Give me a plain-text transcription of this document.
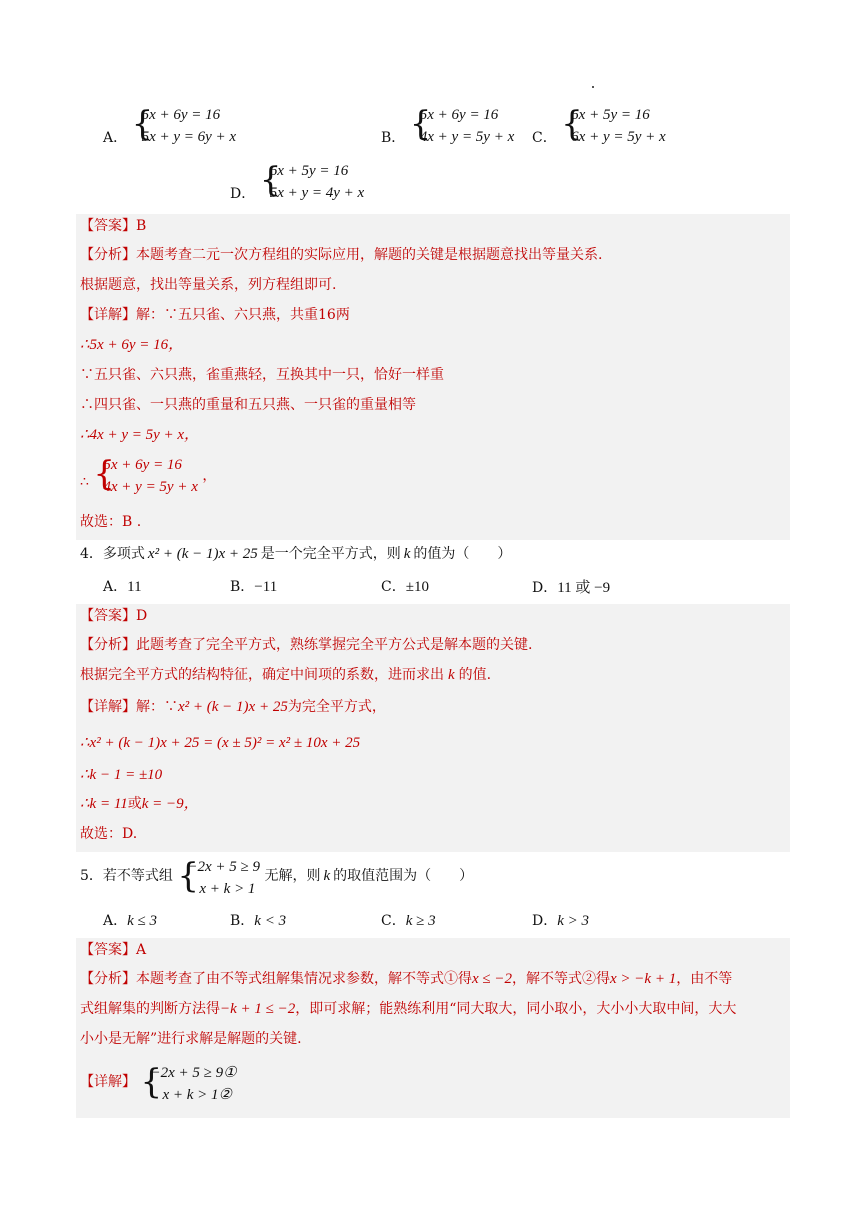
A． {
5x + 6y = 16
5x + y = 6y + x	B． {
5x + 6y = 16
4x + y = 5y + x C． {
6x + 5y = 16
6x + y = 5y + x
D． {
6x + 5y = 16
5x + y = 4y + x
【答案】B
【分析】本题考查二元一次方程组的实际应用，解题的关键是根据题意找出等量关系.
根据题意，找出等量关系，列方程组即可.
【详解】解：∵五只雀、六只燕，共重16两
∴5x + 6y = 16，
∵五只雀、六只燕，雀重燕轻，互换其中一只，恰好一样重
∴四只雀、一只燕的重量和五只燕、一只雀的重量相等
∴4x + y = 5y + x，
∴ {
5x + 6y = 16
4x + y = 5y + x
，
故选：B .
4．多项式 x² + (k − 1)x + 25 是一个完全平方式，则 k 的值为（　　）
A．11	B．−11	C．±10	D．11 或 −9
【答案】D
【分析】此题考查了完全平方式，熟练掌握完全平方公式是解本题的关键.
根据完全平方式的结构特征，确定中间项的系数，进而求出 k 的值.
【详解】解：∵x² + (k − 1)x + 25为完全平方式，
∴x² + (k − 1)x + 25 = (x ± 5)² = x² ± 10x + 25
∴k − 1 = ±10
∴k = 11或k = −9，
故选：D.
5．若不等式组 {
−2x + 5 ≥ 9
x + k > 1
无解，则 k 的取值范围为（　　）
A．k ≤ 3	B．k < 3	C．k ≥ 3	D．k > 3
【答案】A
【分析】本题考查了由不等式组解集情况求参数，解不等式①得x ≤ −2，解不等式②得x > −k + 1，由不等
式组解集的判断方法得−k + 1 ≤ −2，即可求解；能熟练利用“同大取大，同小取小，大小小大取中间，大大
小小是无解”进行求解是解题的关键.
【详解】 {
−2x + 5 ≥ 9①
x + k > 1②
